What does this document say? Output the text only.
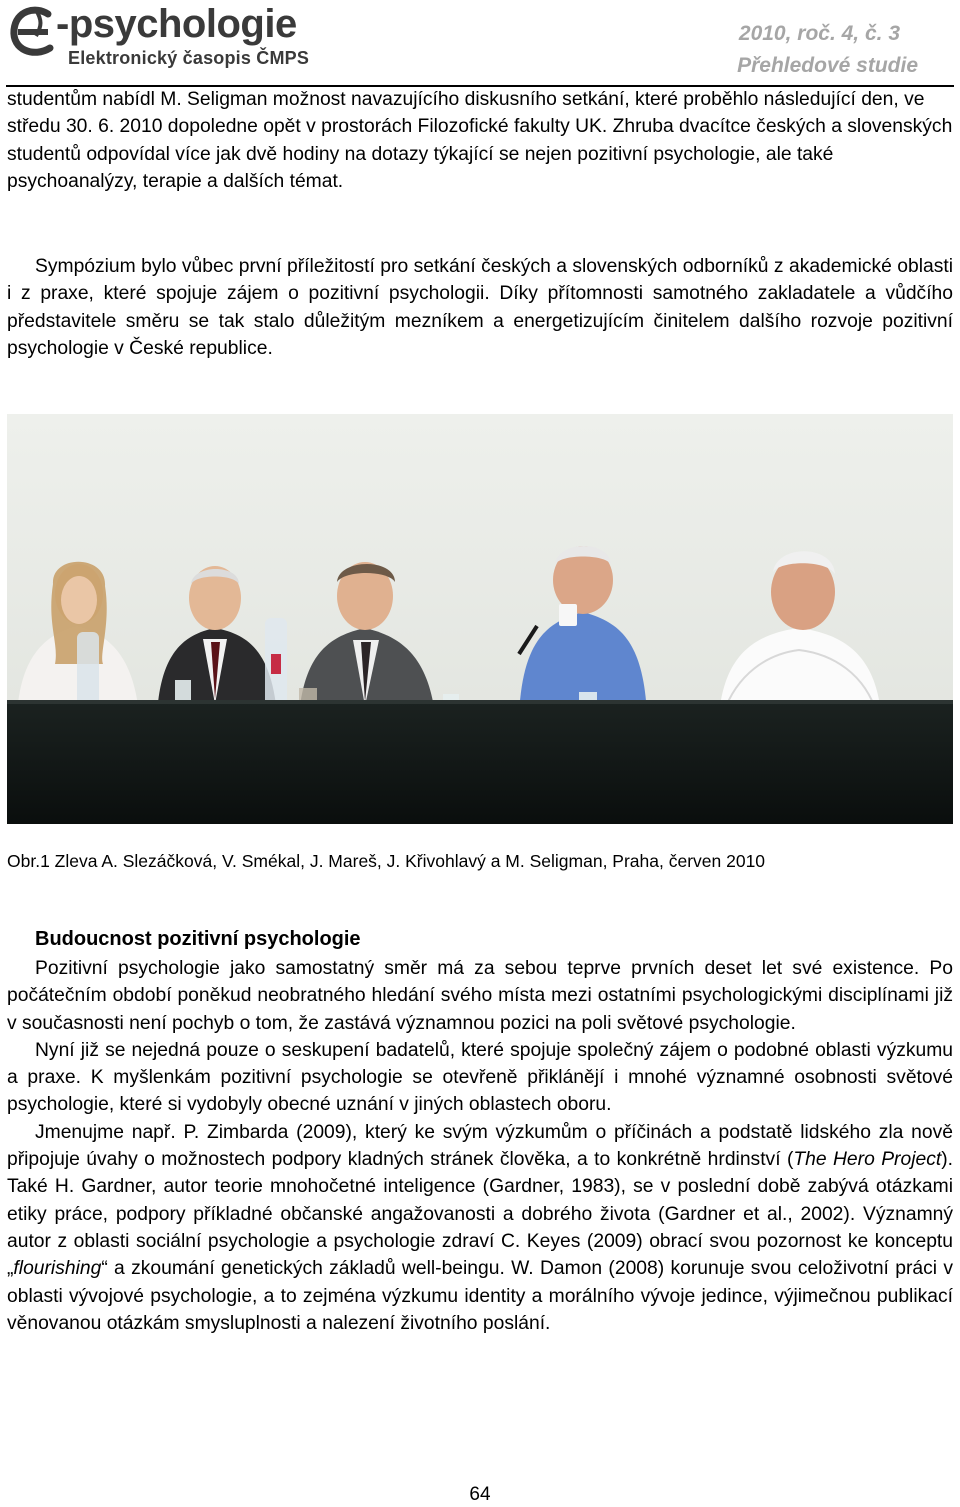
-psychologie
Elektronický časopis ČMPS
2010, roč. 4, č. 3
Přehledové studie

studentům nabídl M. Seligman možnost navazujícího diskusního setkání, které proběhlo následující den, ve středu 30. 6. 2010 dopoledne opět v prostorách Filozofické fakulty UK. Zhruba dvacítce českých a slovenských studentů odpovídal více jak dvě hodiny na dotazy týkající se nejen pozitivní psychologie, ale také psychoanalýzy, terapie a dalších témat.

Sympózium bylo vůbec první příležitostí pro setkání českých a slovenských odborníků z akademické oblasti i z praxe, které spojuje zájem o pozitivní psychologii. Díky přítomnosti samotného zakladatele a vůdčího představitele směru se tak stalo důležitým mezníkem a energetizujícím činitelem dalšího rozvoje pozitivní psychologie v České republice.

Obr.1 Zleva A. Slezáčková, V. Smékal, J. Mareš, J. Křivohlavý a M. Seligman, Praha, červen 2010
Budoucnost pozitivní psychologie
Pozitivní psychologie jako samostatný směr má za sebou teprve prvních deset let své existence. Po počátečním období poněkud neobratného hledání svého místa mezi ostatními psychologickými disciplínami již v současnosti není pochyb o tom, že zastává významnou pozici na poli světové psychologie.
Nyní již se nejedná pouze o seskupení badatelů, které spojuje společný zájem o podobné oblasti výzkumu a praxe. K myšlenkám pozitivní psychologie se otevřeně přiklánějí i mnohé významné osobnosti světové psychologie, které si vydobyly obecné uznání v jiných oblastech oboru.
Jmenujme např. P. Zimbarda (2009), který ke svým výzkumům o příčinách a podstatě lidského zla nově připojuje úvahy o možnostech podpory kladných stránek člověka, a to konkrétně hrdinství (The Hero Project). Také H. Gardner, autor teorie mnohočetné inteligence (Gardner, 1983), se v poslední době zabývá otázkami etiky práce, podpory příkladné občanské angažovanosti a dobrého života (Gardner et al., 2002). Významný autor z oblasti sociální psychologie a psychologie zdraví C. Keyes (2009) obrací svou pozornost ke konceptu „flourishing“ a zkoumání genetických základů well-beingu. W. Damon (2008) korunuje svou celoživotní práci v oblasti vývojové psychologie, a to zejména výzkumu identity a morálního vývoje jedince, výjimečnou publikací věnovanou otázkám smysluplnosti a nalezení životního poslání.
64
